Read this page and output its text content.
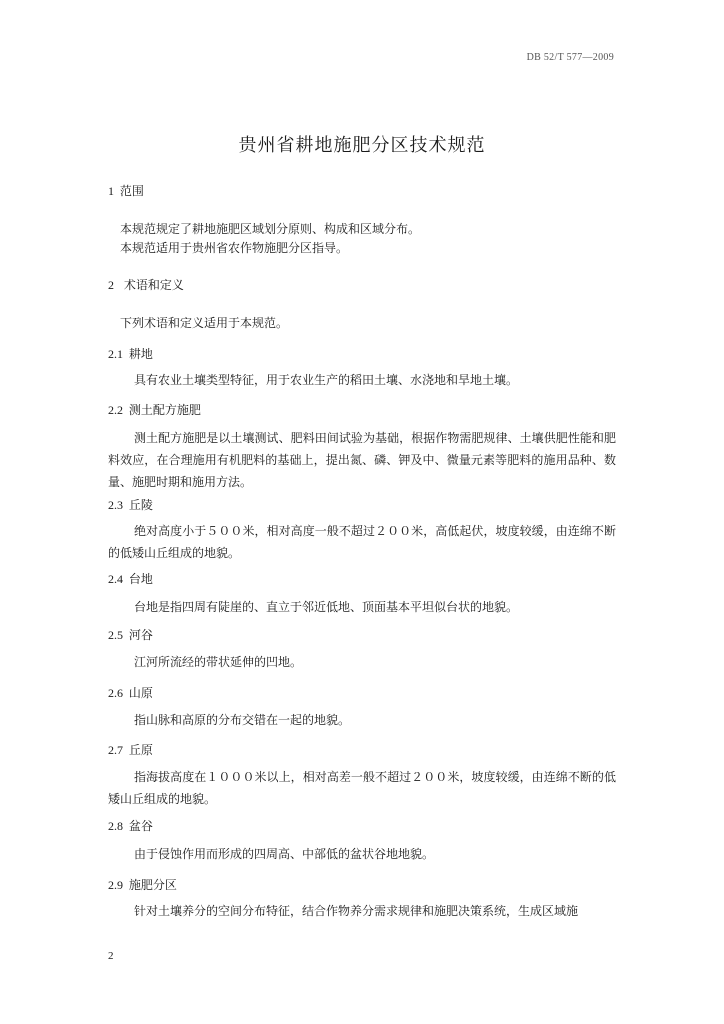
DB 52/T 577—2009
贵州省耕地施肥分区技术规范
1 范围

本规范规定了耕地施肥区域划分原则、构成和区域分布。

本规范适用于贵州省农作物施肥分区指导。

2 术语和定义

下列术语和定义适用于本规范。

2.1 耕地

具有农业土壤类型特征，用于农业生产的稻田土壤、水浇地和旱地土壤。

2.2 测土配方施肥

测土配方施肥是以土壤测试、肥料田间试验为基础，根据作物需肥规律、土壤供肥性能和肥料效应，在合理施用有机肥料的基础上，提出氮、磷、钾及中、微量元素等肥料的施用品种、数量、施肥时期和施用方法。

2.3 丘陵

绝对高度小于５００米，相对高度一般不超过２００米，高低起伏，坡度较缓，由连绵不断的低矮山丘组成的地貌。

2.4 台地

台地是指四周有陡崖的、直立于邻近低地、顶面基本平坦似台状的地貌。

2.5 河谷

江河所流经的带状延伸的凹地。

2.6 山原

指山脉和高原的分布交错在一起的地貌。

2.7 丘原

指海拔高度在１０００米以上，相对高差一般不超过２００米，坡度较缓，由连绵不断的低矮山丘组成的地貌。

2.8 盆谷

由于侵蚀作用而形成的四周高、中部低的盆状谷地地貌。

2.9 施肥分区

针对土壤养分的空间分布特征，结合作物养分需求规律和施肥决策系统，生成区域施

2
